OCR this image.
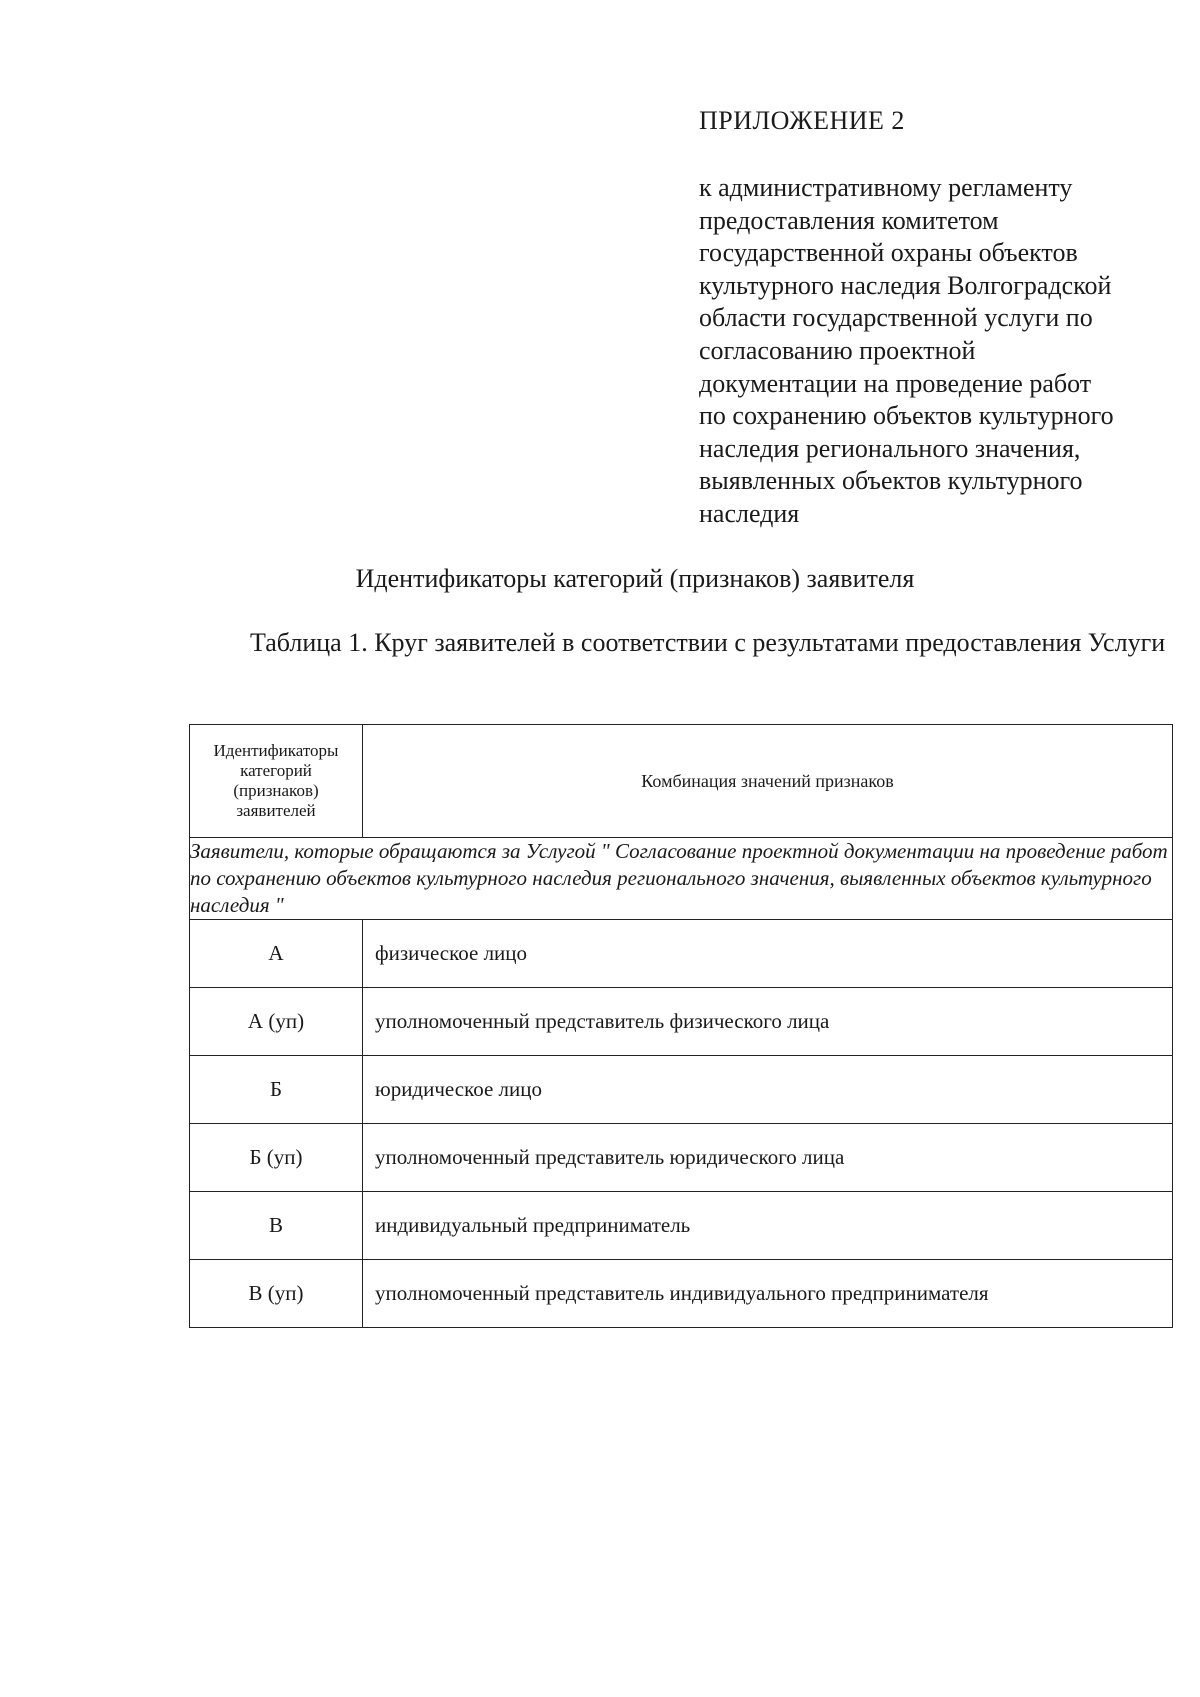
ПРИЛОЖЕНИЕ 2

к административному регламенту
предоставления комитетом
государственной охраны объектов
культурного наследия Волгоградской
области государственной услуги по
согласованию проектной
документации на проведение работ
по сохранению объектов культурного
наследия регионального значения,
выявленных объектов культурного
наследия

Идентификаторы категорий (признаков) заявителя

Таблица 1. Круг заявителей в соответствии с результатами предоставления Услуги

Идентификаторы
категорий
(признаков)
заявителей	Комбинация значений признаков
Заявители, которые обращаются за Услугой " Согласование проектной документации на проведение работ по сохранению объектов культурного наследия регионального значения, выявленных объектов культурного наследия "	
А	физическое лицо
А (уп)	уполномоченный представитель физического лица
Б	юридическое лицо
Б (уп)	уполномоченный представитель юридического лица
В	индивидуальный предприниматель
В (уп)	уполномоченный представитель индивидуального предпринимателя
